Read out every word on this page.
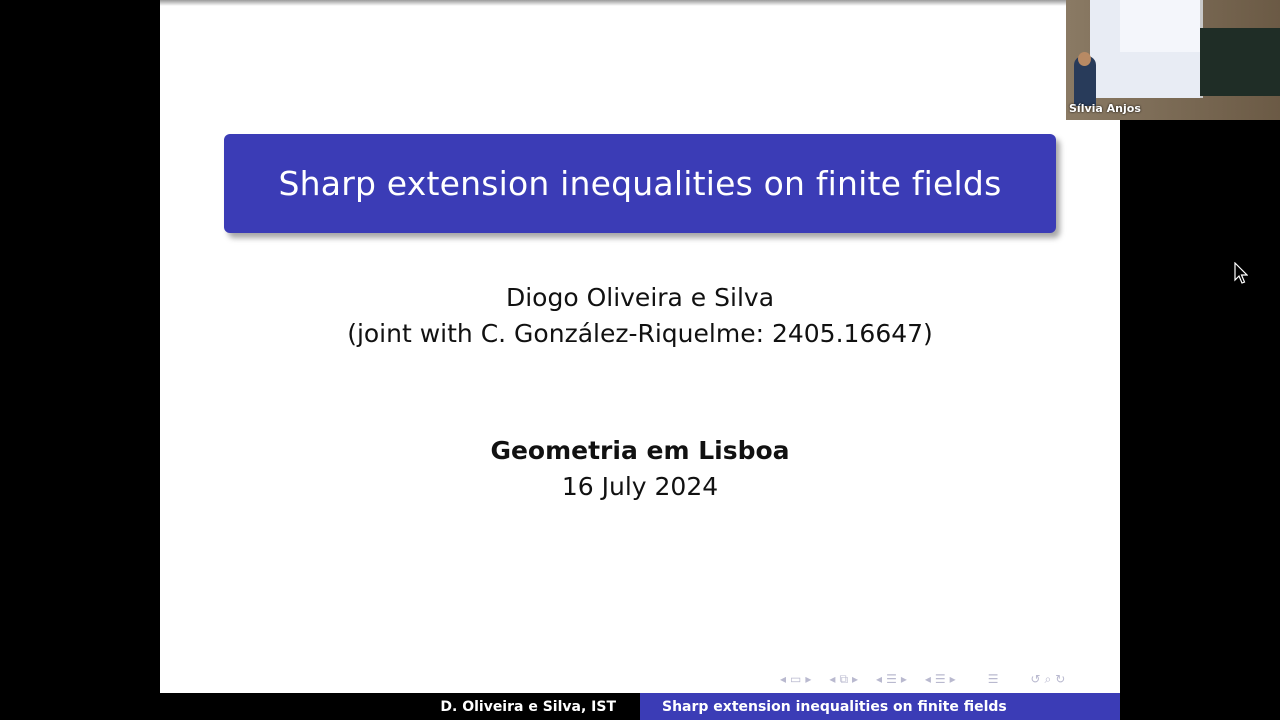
Sharp extension inequalities on finite fields
Diogo Oliveira e Silva
(joint with C. González-Riquelme: 2405.16647)
Geometria em Lisboa
16 July 2024
◂ ▭ ▸ ◂ ⧉ ▸ ◂ ☰ ▸ ◂ ☰ ▸	☰	↺ ⌕ ↻
D. Oliveira e Silva, IST	Sharp extension inequalities on finite fields
Sílvia Anjos
